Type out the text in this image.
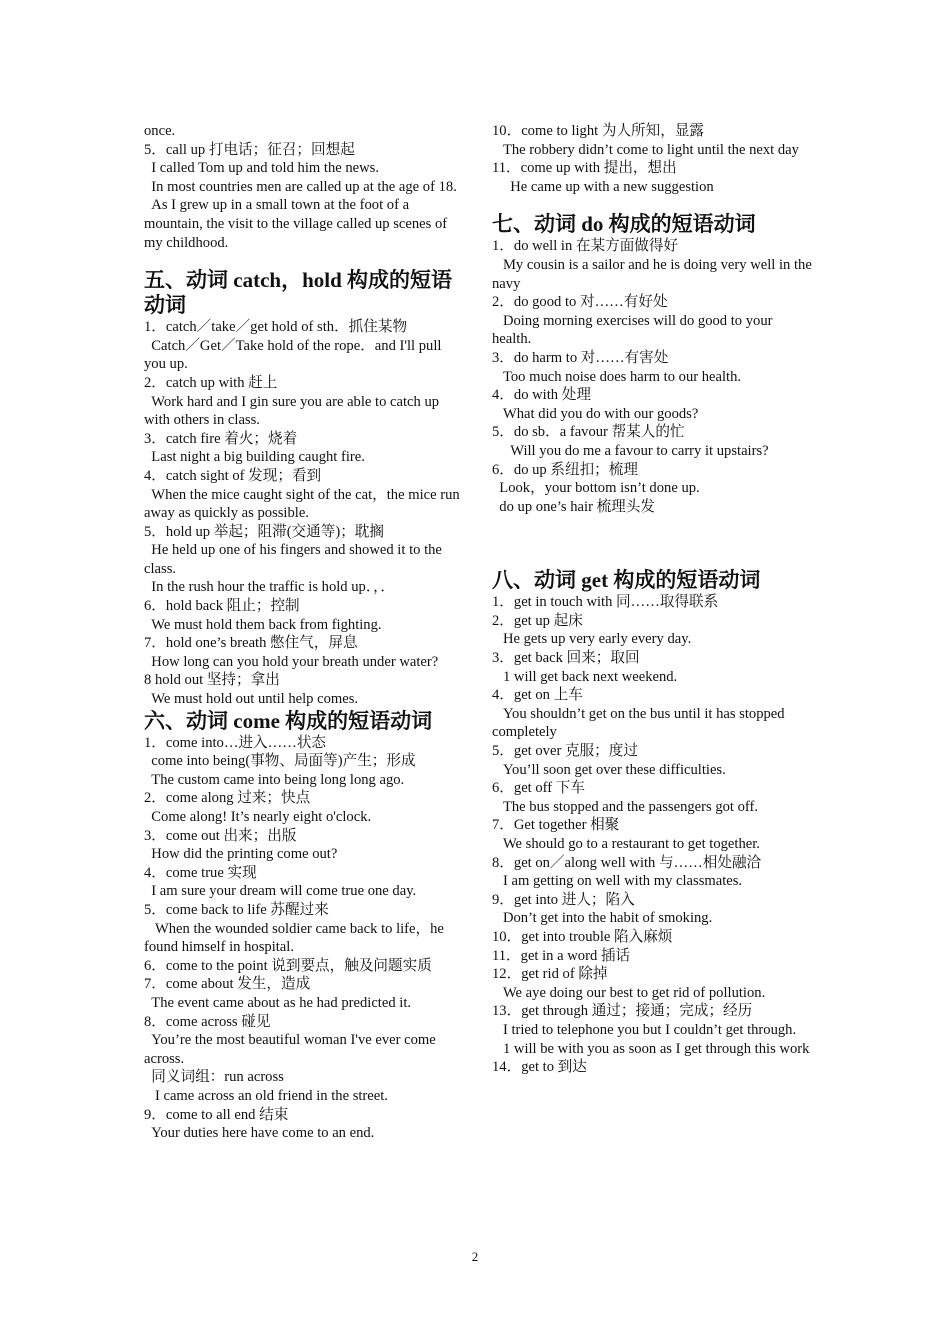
once.

5．call up 打电话；征召；回想起

I called Tom up and told him the news.

In most countries men are called up at the age of 18.

As I grew up in a small town at the foot of a mountain, the visit to the village called up scenes of my childhood.

五、动词 catch，hold 构成的短语动词

1．catch／take／get hold of sth．抓住某物

Catch／Get／Take hold of the rope．and I'll pull you up.

2．catch up with 赶上

Work hard and I gin sure you are able to catch up with others in class.

3．catch fire 着火；烧着

Last night a big building caught fire.

4．catch sight of 发现；看到

When the mice caught sight of the cat，the mice run away as quickly as possible.

5．hold up 举起；阻滞(交通等)；耽搁

He held up one of his fingers and showed it to the class.

In the rush hour the traffic is hold up．，．

6．hold back 阻止；控制

We must hold them back from fighting.

7．hold one’s breath 憋住气，屏息

How long can you hold your breath under water?

8 hold out 坚持；拿出

We must hold out until help comes.

六、动词 come 构成的短语动词

1．come into…进入……状态

come into being(事物、局面等)产生；形成

The custom came into being long long ago.

2．come along 过来；快点

Come along! It’s nearly eight o'clock.

3．come out 出来；出版

How did the printing come out?

4．come true 实现

I am sure your dream will come true one day.

5．come back to life 苏醒过来

When the wounded soldier came back to life，he found himself in hospital.

6．come to the point 说到要点，触及问题实质

7．come about 发生，造成

The event came about as he had predicted it.

8．come across 碰见

You’re the most beautiful woman I've ever come across.

同义词组：run across

I came across an old friend in the street.

9．come to all end 结束

Your duties here have come to an end.

10．come to light 为人所知，显露

The robbery didn’t come to light until the next day

11．come up with 提出，想出

He came up with a new suggestion

七、动词 do 构成的短语动词

1．do well in 在某方面做得好

My cousin is a sailor and he is doing very well in the navy

2．do good to 对……有好处

Doing morning exercises will do good to your health.

3．do harm to 对……有害处

Too much noise does harm to our health.

4．do with 处理

What did you do with our goods?

5．do sb．a favour 帮某人的忙

Will you do me a favour to carry it upstairs?

6．do up 系纽扣；梳理

Look，your bottom isn’t done up.

do up one’s hair 梳理头发

八、动词 get 构成的短语动词

1．get in touch with 同……取得联系

2．get up 起床

He gets up very early every day.

3．get back 回来；取回

1 will get back next weekend.

4．get on 上车

You shouldn’t get on the bus until it has stopped completely

5．get over 克服；度过

You’ll soon get over these difficulties.

6．get off 下车

The bus stopped and the passengers got off.

7．Get together 相聚

We should go to a restaurant to get together.

8．get on／along well with 与……相处融洽

I am getting on well with my classmates.

9．get into 进人；陷入

Don’t get into the habit of smoking.

10．get into trouble 陷入麻烦

11．get in a word 插话

12．get rid of 除掉

We aye doing our best to get rid of pollution.

13．get through 通过；接通；完成；经历

I tried to telephone you but I couldn’t get through.

1 will be with you as soon as I get through this work

14．get to 到达

2
